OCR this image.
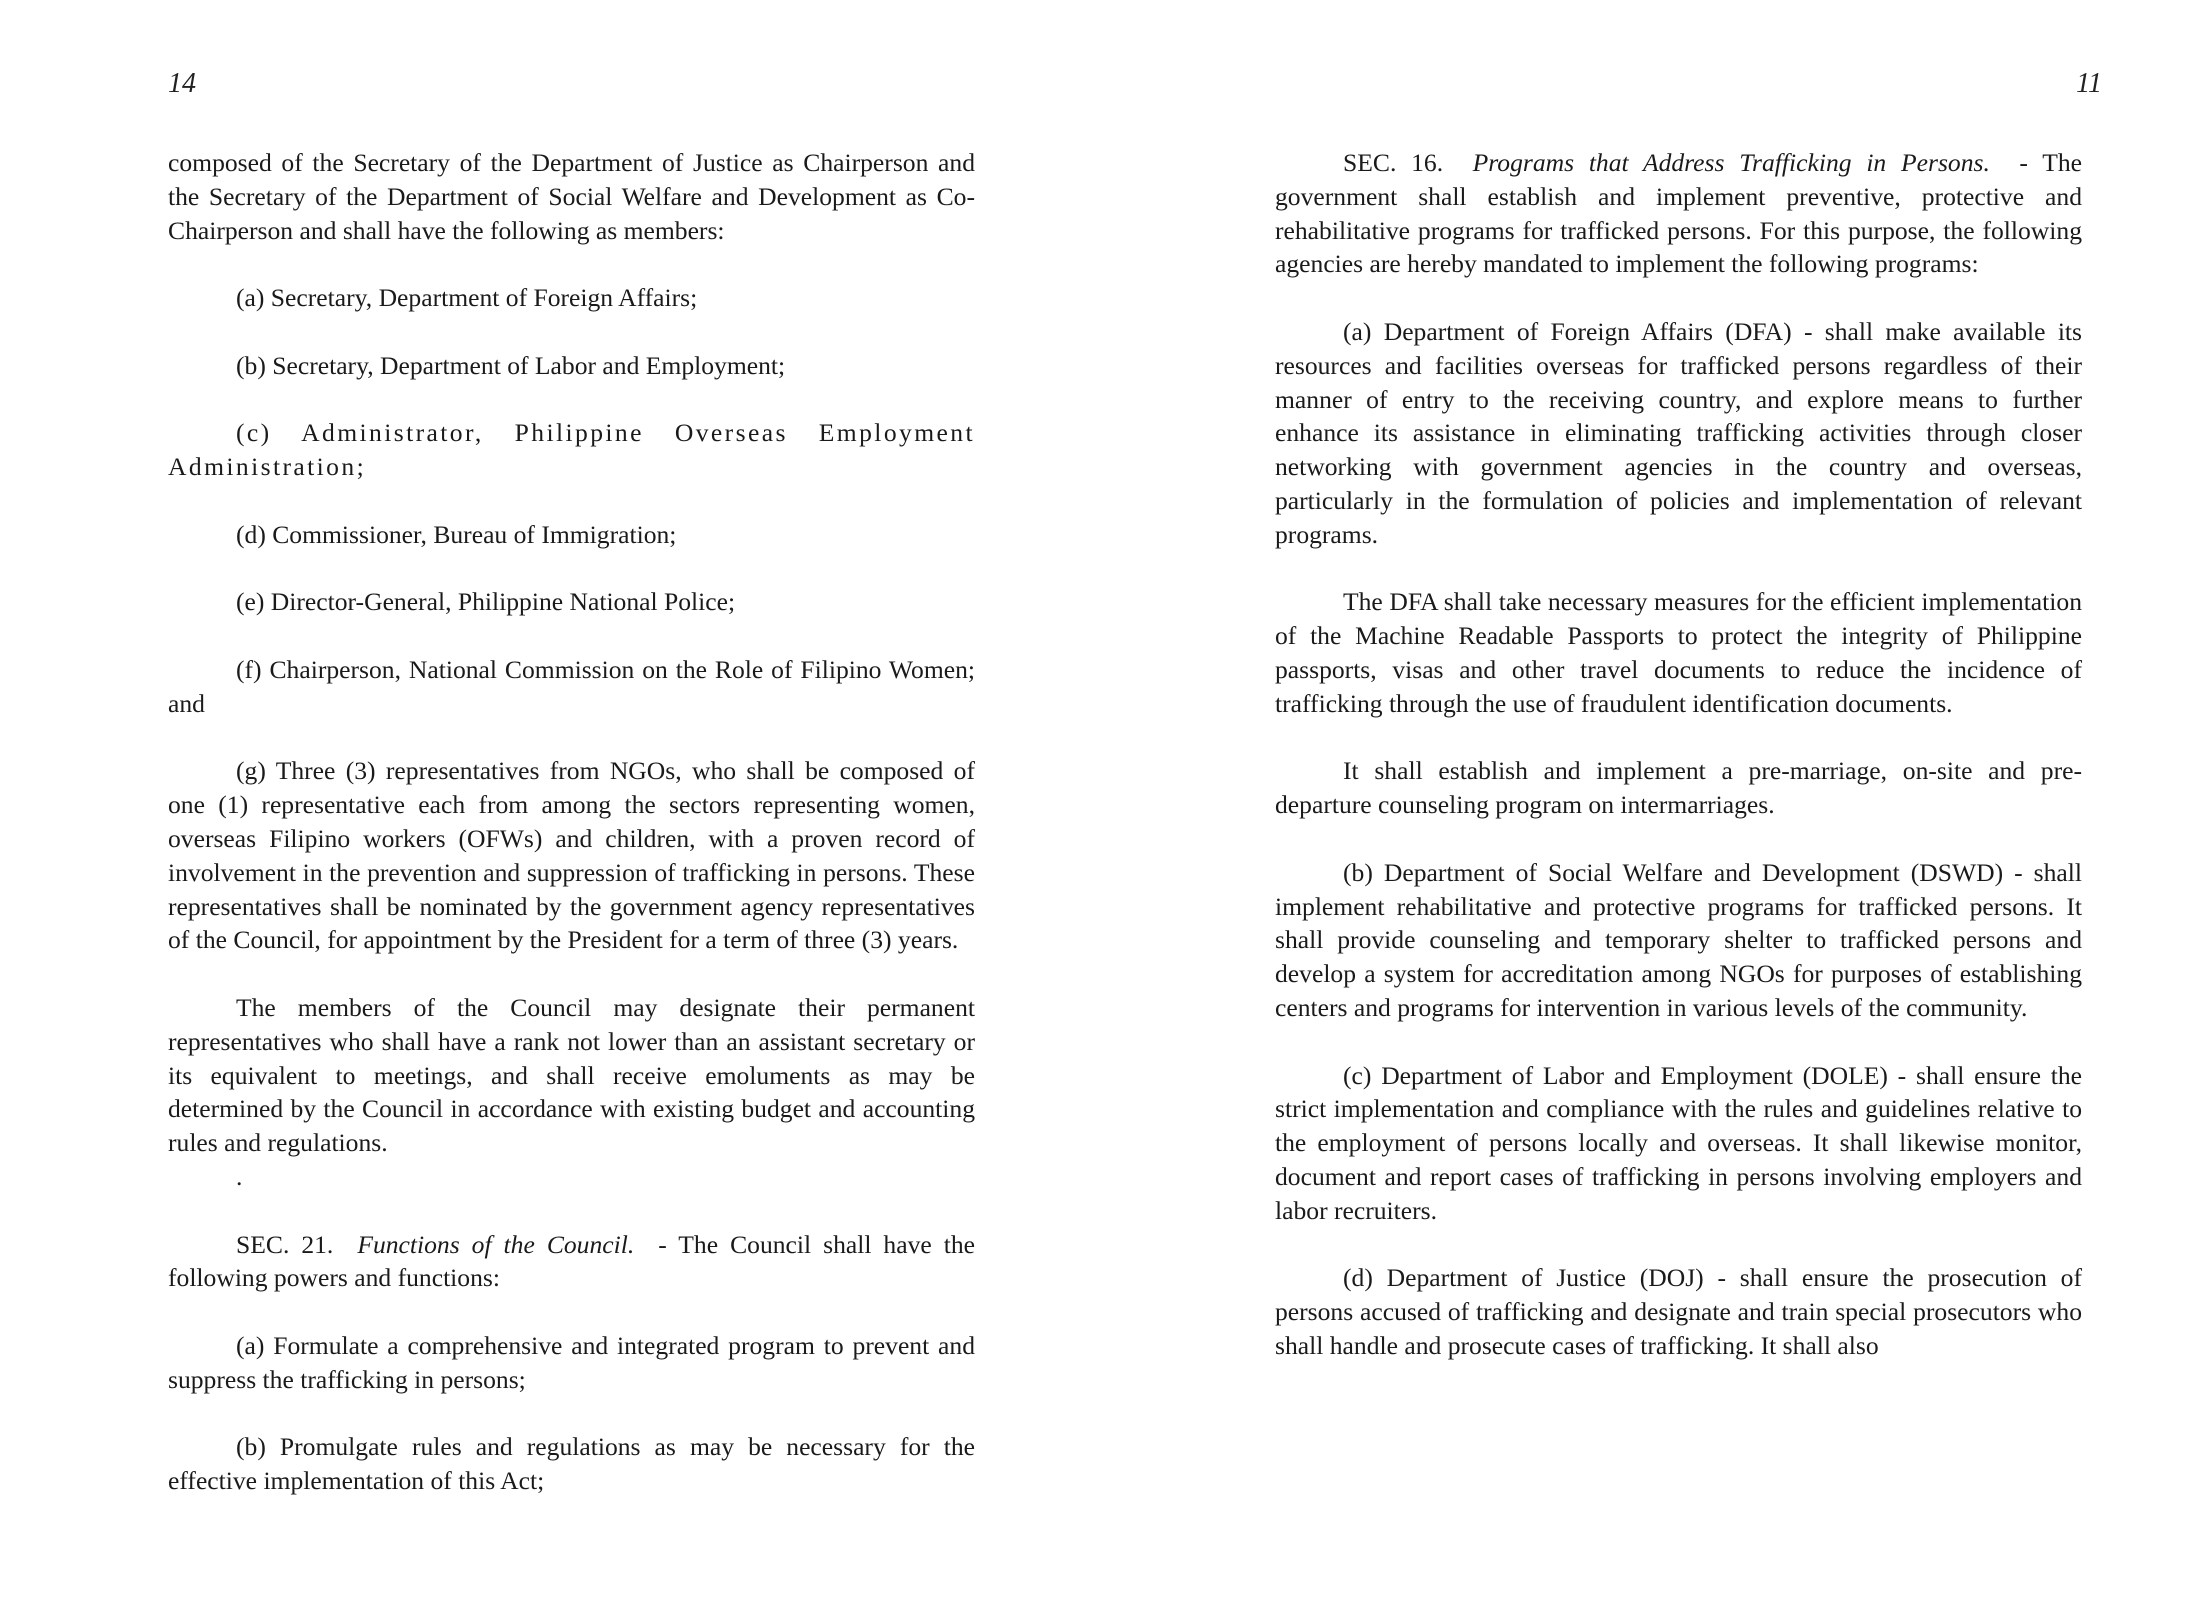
14

composed of the Secretary of the Department of Justice as Chairperson and the Secretary of the Department of Social Welfare and Development as Co-Chairperson and shall have the following as members:

(a) Secretary, Department of Foreign Affairs;

(b) Secretary, Department of Labor and Employment;

(c) Administrator, Philippine Overseas Employment Administration;

(d) Commissioner, Bureau of Immigration;

(e) Director-General, Philippine National Police;

(f) Chairperson, National Commission on the Role of Filipino Women; and

(g) Three (3) representatives from NGOs, who shall be composed of one (1) representative each from among the sectors representing women, overseas Filipino workers (OFWs) and children, with a proven record of involvement in the prevention and suppression of trafficking in persons. These representatives shall be nominated by the government agency representatives of the Council, for appointment by the President for a term of three (3) years.

The members of the Council may designate their permanent representatives who shall have a rank not lower than an assistant secretary or its equivalent to meetings, and shall receive emoluments as may be determined by the Council in accordance with existing budget and accounting rules and regulations.

.

SEC. 21. Functions of the Council. - The Council shall have the following powers and functions:

(a) Formulate a comprehensive and integrated program to prevent and suppress the trafficking in persons;

(b) Promulgate rules and regulations as may be necessary for the effective implementation of this Act;

11

SEC. 16. Programs that Address Trafficking in Persons. - The government shall establish and implement preventive, protective and rehabilitative programs for trafficked persons. For this purpose, the following agencies are hereby mandated to implement the following programs:

(a) Department of Foreign Affairs (DFA) - shall make available its resources and facilities overseas for trafficked persons regardless of their manner of entry to the receiving country, and explore means to further enhance its assistance in eliminating trafficking activities through closer networking with government agencies in the country and overseas, particularly in the formulation of policies and implementation of relevant programs.

The DFA shall take necessary measures for the efficient implementation of the Machine Readable Passports to protect the integrity of Philippine passports, visas and other travel documents to reduce the incidence of trafficking through the use of fraudulent identification documents.

It shall establish and implement a pre-marriage, on-site and pre-departure counseling program on intermarriages.

(b) Department of Social Welfare and Development (DSWD) - shall implement rehabilitative and protective programs for trafficked persons. It shall provide counseling and temporary shelter to trafficked persons and develop a system for accreditation among NGOs for purposes of establishing centers and programs for intervention in various levels of the community.

(c) Department of Labor and Employment (DOLE) - shall ensure the strict implementation and compliance with the rules and guidelines relative to the employment of persons locally and overseas. It shall likewise monitor, document and report cases of trafficking in persons involving employers and labor recruiters.

(d) Department of Justice (DOJ) - shall ensure the prosecution of persons accused of trafficking and designate and train special prosecutors who shall handle and prosecute cases of trafficking. It shall also
